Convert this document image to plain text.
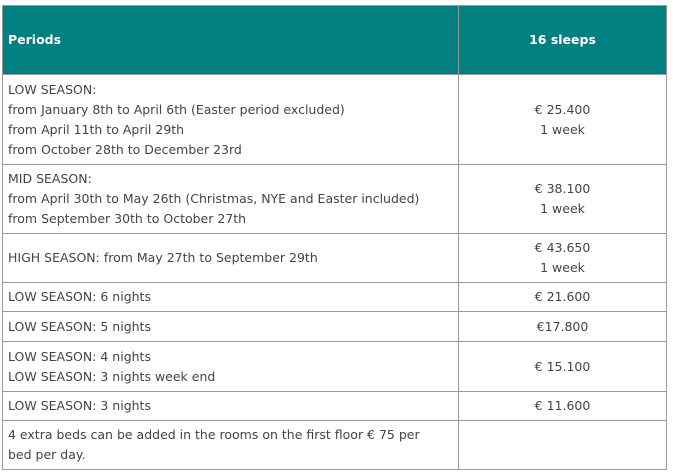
Periods	16 sleeps

LOW SEASON:
from January 8th to April 6th (Easter period excluded)
from April 11th to April 29th
from October 28th to December 23rd	€ 25.400
1 week

MID SEASON:
from April 30th to May 26th (Christmas, NYE and Easter included)
from September 30th to October 27th	€ 38.100
1 week

HIGH SEASON: from May 27th to September 29th	€ 43.650
1 week

LOW SEASON: 6 nights	€ 21.600

LOW SEASON: 5 nights	€17.800

LOW SEASON: 4 nights
LOW SEASON: 3 nights week end	€ 15.100

LOW SEASON: 3 nights	€ 11.600

4 extra beds can be added in the rooms on the first floor € 75 per
bed per day.	
